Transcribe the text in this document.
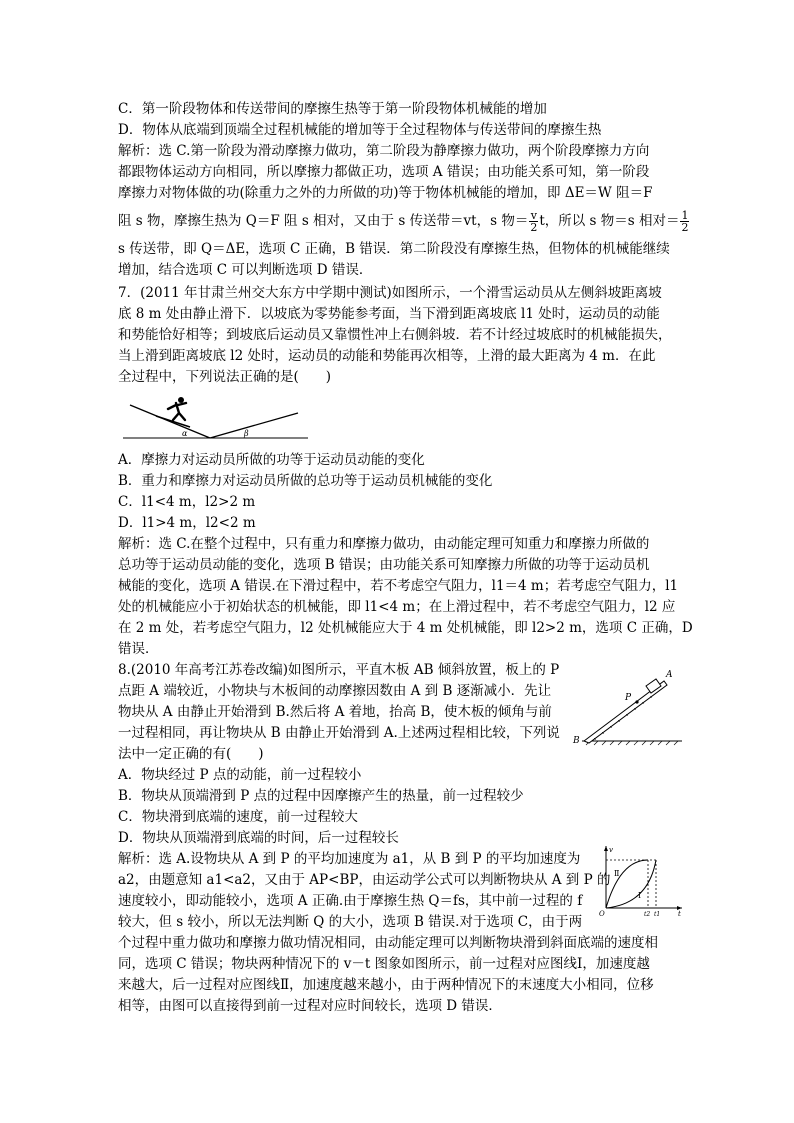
C．第一阶段物体和传送带间的摩擦生热等于第一阶段物体机械能的增加
D．物体从底端到顶端全过程机械能的增加等于全过程物体与传送带间的摩擦生热
解析：选 C.第一阶段为滑动摩擦力做功，第二阶段为静摩擦力做功，两个阶段摩擦力方向
都跟物体运动方向相同，所以摩擦力都做正功，选项 A 错误；由功能关系可知，第一阶段
摩擦力对物体做的功(除重力之外的力所做的功)等于物体机械能的增加，即 ΔE＝W 阻＝F
阻 s 物，摩擦生热为 Q＝F 阻 s 相对，又由于 s 传送带＝vt，s 物＝ $\frac{v}{2}$ t，所以 s 物＝s 相对＝ $\frac{1}{2}$
s 传送带，即 Q＝ΔE，选项 C 正确，B 错误．第二阶段没有摩擦生热，但物体的机械能继续
增加，结合选项 C 可以判断选项 D 错误．
7．(2011 年甘肃兰州交大东方中学期中测试)如图所示，一个滑雪运动员从左侧斜坡距离坡
底 8 m 处由静止滑下．以坡底为零势能参考面，当下滑到距离坡底 l1 处时，运动员的动能
和势能恰好相等；到坡底后运动员又靠惯性冲上右侧斜坡．若不计经过坡底时的机械能损失，
当上滑到距离坡底 l2 处时，运动员的动能和势能再次相等，上滑的最大距离为 4 m．在此
全过程中，下列说法正确的是(　　)
α	β
A．摩擦力对运动员所做的功等于运动员动能的变化
B．重力和摩擦力对运动员所做的总功等于运动员机械能的变化
C．l1<4 m，l2>2 m
D．l1>4 m，l2<2 m
解析：选 C.在整个过程中，只有重力和摩擦力做功，由动能定理可知重力和摩擦力所做的
总功等于运动员动能的变化，选项 B 错误；由功能关系可知摩擦力所做的功等于运动员机
械能的变化，选项 A 错误.在下滑过程中，若不考虑空气阻力，l1＝4 m；若考虑空气阻力，l1
处的机械能应小于初始状态的机械能，即 l1<4 m；在上滑过程中，若不考虑空气阻力，l2 应
在 2 m 处，若考虑空气阻力，l2 处机械能应大于 4 m 处机械能，即 l2>2 m，选项 C 正确，D
错误．
8.(2010 年高考江苏卷改编)如图所示，平直木板 AB 倾斜放置，板上的 P
点距 A 端较近，小物块与木板间的动摩擦因数由 A 到 B 逐渐减小．先让
物块从 A 由静止开始滑到 B.然后将 A 着地，抬高 B，使木板的倾角与前
一过程相同，再让物块从 B 由静止开始滑到 A.上述两过程相比较，下列说
法中一定正确的有(　　)
P
A
B
A．物块经过 P 点的动能，前一过程较小
B．物块从顶端滑到 P 点的过程中因摩擦产生的热量，前一过程较少
C．物块滑到底端的速度，前一过程较大
D．物块从顶端滑到底端的时间，后一过程较长
解析：选 A.设物块从 A 到 P 的平均加速度为 a1，从 B 到 P 的平均加速度为
a2，由题意知 a1<a2，又由于 AP<BP，由运动学公式可以判断物块从 A 到 P 的
速度较小，即动能较小，选项 A 正确.由于摩擦生热 Q＝fs，其中前一过程的 f
较大，但 s 较小，所以无法判断 Q 的大小，选项 B 错误.对于选项 C，由于两
v
t
O
Ⅱ
Ⅰ
t2 t1
个过程中重力做功和摩擦力做功情况相同，由动能定理可以判断物块滑到斜面底端的速度相
同，选项 C 错误；物块两种情况下的 v－t 图象如图所示，前一过程对应图线Ⅰ，加速度越
来越大，后一过程对应图线Ⅱ，加速度越来越小，由于两种情况下的末速度大小相同，位移
相等，由图可以直接得到前一过程对应时间较长，选项 D 错误．
